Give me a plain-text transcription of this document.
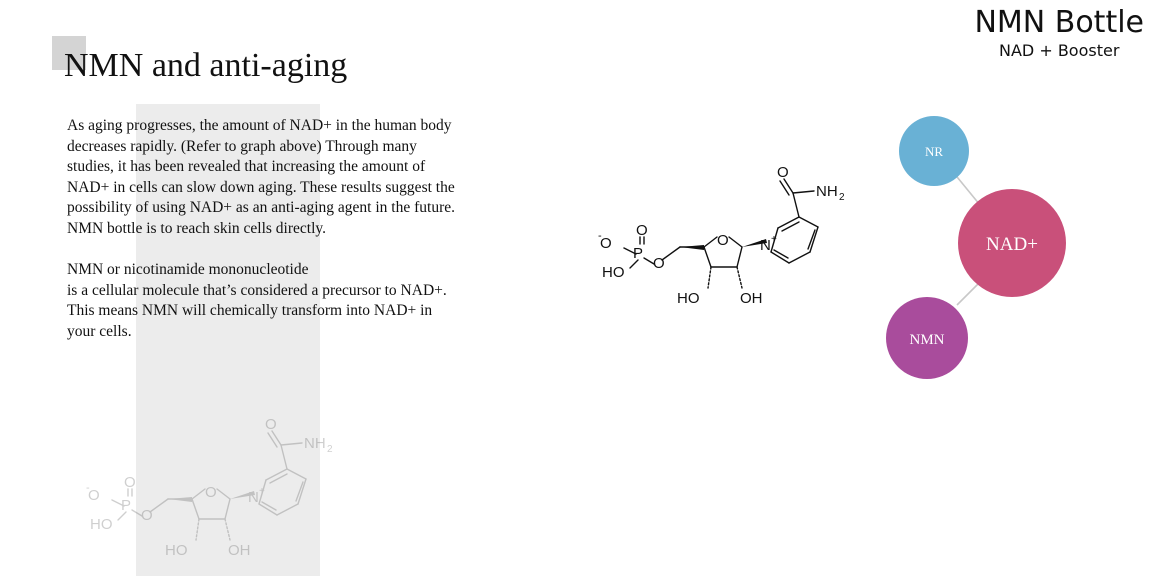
NMN and anti-aging

As aging progresses, the amount of NAD+ in the human body
decreases rapidly. (Refer to graph above) Through many
studies, it has been revealed that increasing the amount of
NAD+ in cells can slow down aging. These results suggest the
possibility of using NAD+ as an anti-aging agent in the future.
NMN bottle is to reach skin cells directly.

NMN or nicotinamide mononucleotide
is a cellular molecule that’s considered a precursor to NAD+.
This means NMN will chemically transform into NAD+ in
your cells.

NMN Bottle
NAD + Booster
O
- O
P
O
HO
O N +
O
NH 2
HO	OH
O
- O
P
O
HO
O N +
O
NH 2
HO	OH
NR
NAD+
NMN
